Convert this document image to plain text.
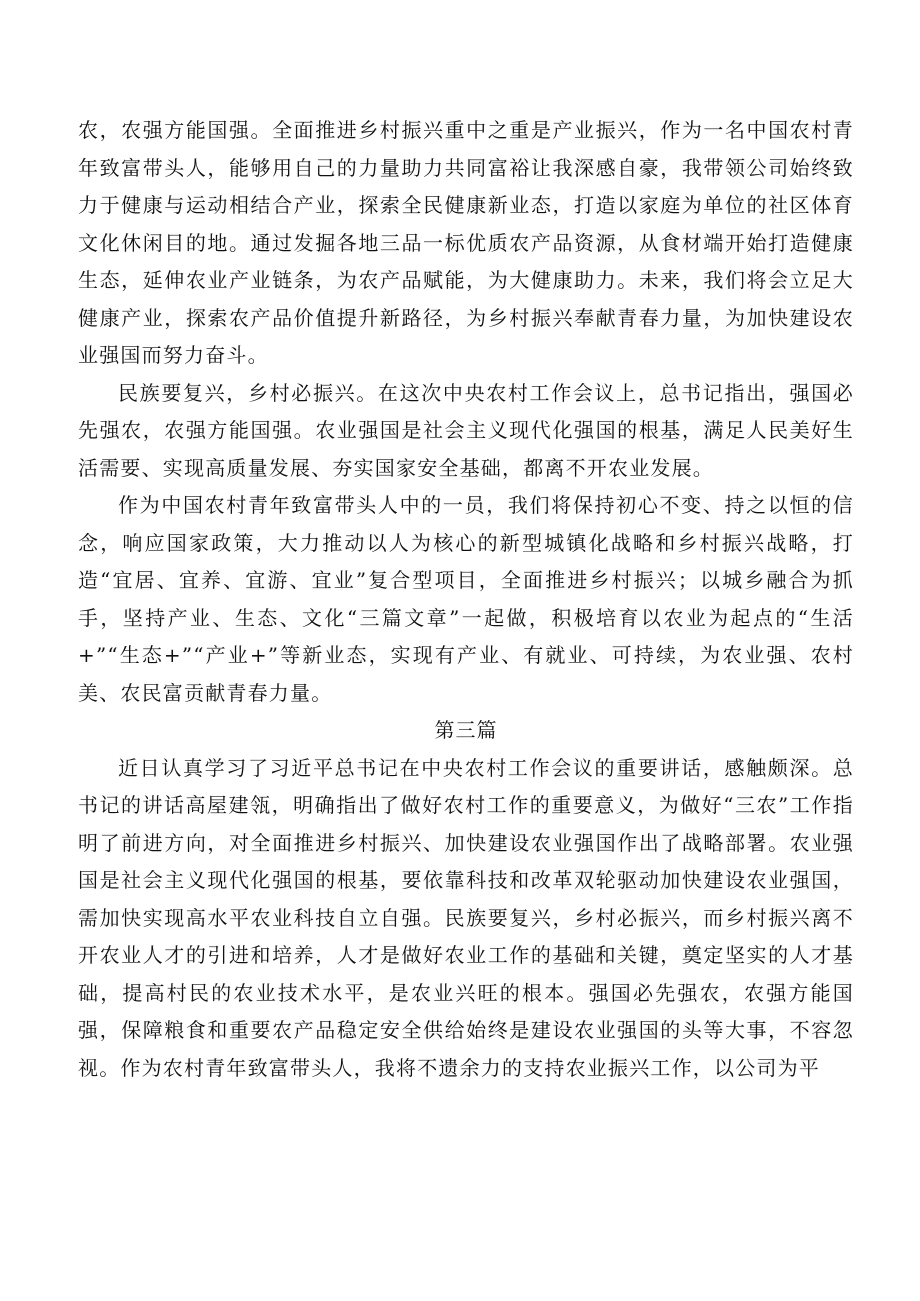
农，农强方能国强。全面推进乡村振兴重中之重是产业振兴，作为一名中国农村青年致富带头人，能够用自己的力量助力共同富裕让我深感自豪，我带领公司始终致力于健康与运动相结合产业，探索全民健康新业态，打造以家庭为单位的社区体育文化休闲目的地。通过发掘各地三品一标优质农产品资源，从食材端开始打造健康生态，延伸农业产业链条，为农产品赋能，为大健康助力。未来，我们将会立足大健康产业，探索农产品价值提升新路径，为乡村振兴奉献青春力量，为加快建设农业强国而努力奋斗。

民族要复兴，乡村必振兴。在这次中央农村工作会议上，总书记指出，强国必先强农，农强方能国强。农业强国是社会主义现代化强国的根基，满足人民美好生活需要、实现高质量发展、夯实国家安全基础，都离不开农业发展。

作为中国农村青年致富带头人中的一员，我们将保持初心不变、持之以恒的信念，响应国家政策，大力推动以人为核心的新型城镇化战略和乡村振兴战略，打造“宜居、宜养、宜游、宜业”复合型项目，全面推进乡村振兴；以城乡融合为抓手，坚持产业、生态、文化“三篇文章”一起做，积极培育以农业为起点的“生活+”“生态+”“产业+”等新业态，实现有产业、有就业、可持续，为农业强、农村美、农民富贡献青春力量。

第三篇

近日认真学习了习近平总书记在中央农村工作会议的重要讲话，感触颇深。总书记的讲话高屋建瓴，明确指出了做好农村工作的重要意义，为做好“三农”工作指明了前进方向，对全面推进乡村振兴、加快建设农业强国作出了战略部署。农业强国是社会主义现代化强国的根基，要依靠科技和改革双轮驱动加快建设农业强国，需加快实现高水平农业科技自立自强。民族要复兴，乡村必振兴，而乡村振兴离不开农业人才的引进和培养，人才是做好农业工作的基础和关键，奠定坚实的人才基础，提高村民的农业技术水平，是农业兴旺的根本。强国必先强农，农强方能国强，保障粮食和重要农产品稳定安全供给始终是建设农业强国的头等大事，不容忽视。作为农村青年致富带头人，我将不遗余力的支持农业振兴工作，以公司为平
